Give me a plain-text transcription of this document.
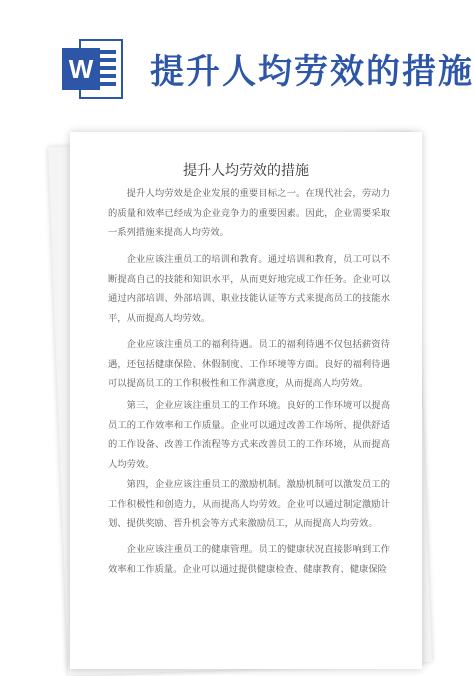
W 提升人均劳效的措施
提升人均劳效的措施

提升人均劳效是企业发展的重要目标之一。在现代社会，劳动力的质量和效率已经成为企业竞争力的重要因素。因此，企业需要采取一系列措施来提高人均劳效。

企业应该注重员工的培训和教育。通过培训和教育，员工可以不断提高自己的技能和知识水平，从而更好地完成工作任务。企业可以通过内部培训、外部培训、职业技能认证等方式来提高员工的技能水平，从而提高人均劳效。

企业应该注重员工的福利待遇。员工的福利待遇不仅包括薪资待遇，还包括健康保险、休假制度、工作环境等方面。良好的福利待遇可以提高员工的工作积极性和工作满意度，从而提高人均劳效。

第三，企业应该注重员工的工作环境。良好的工作环境可以提高员工的工作效率和工作质量。企业可以通过改善工作场所、提供舒适的工作设备、改善工作流程等方式来改善员工的工作环境，从而提高人均劳效。

第四，企业应该注重员工的激励机制。激励机制可以激发员工的工作积极性和创造力，从而提高人均劳效。企业可以通过制定激励计划、提供奖励、晋升机会等方式来激励员工，从而提高人均劳效。

企业应该注重员工的健康管理。员工的健康状况直接影响到工作效率和工作质量。企业可以通过提供健康检查、健康教育、健康保险
